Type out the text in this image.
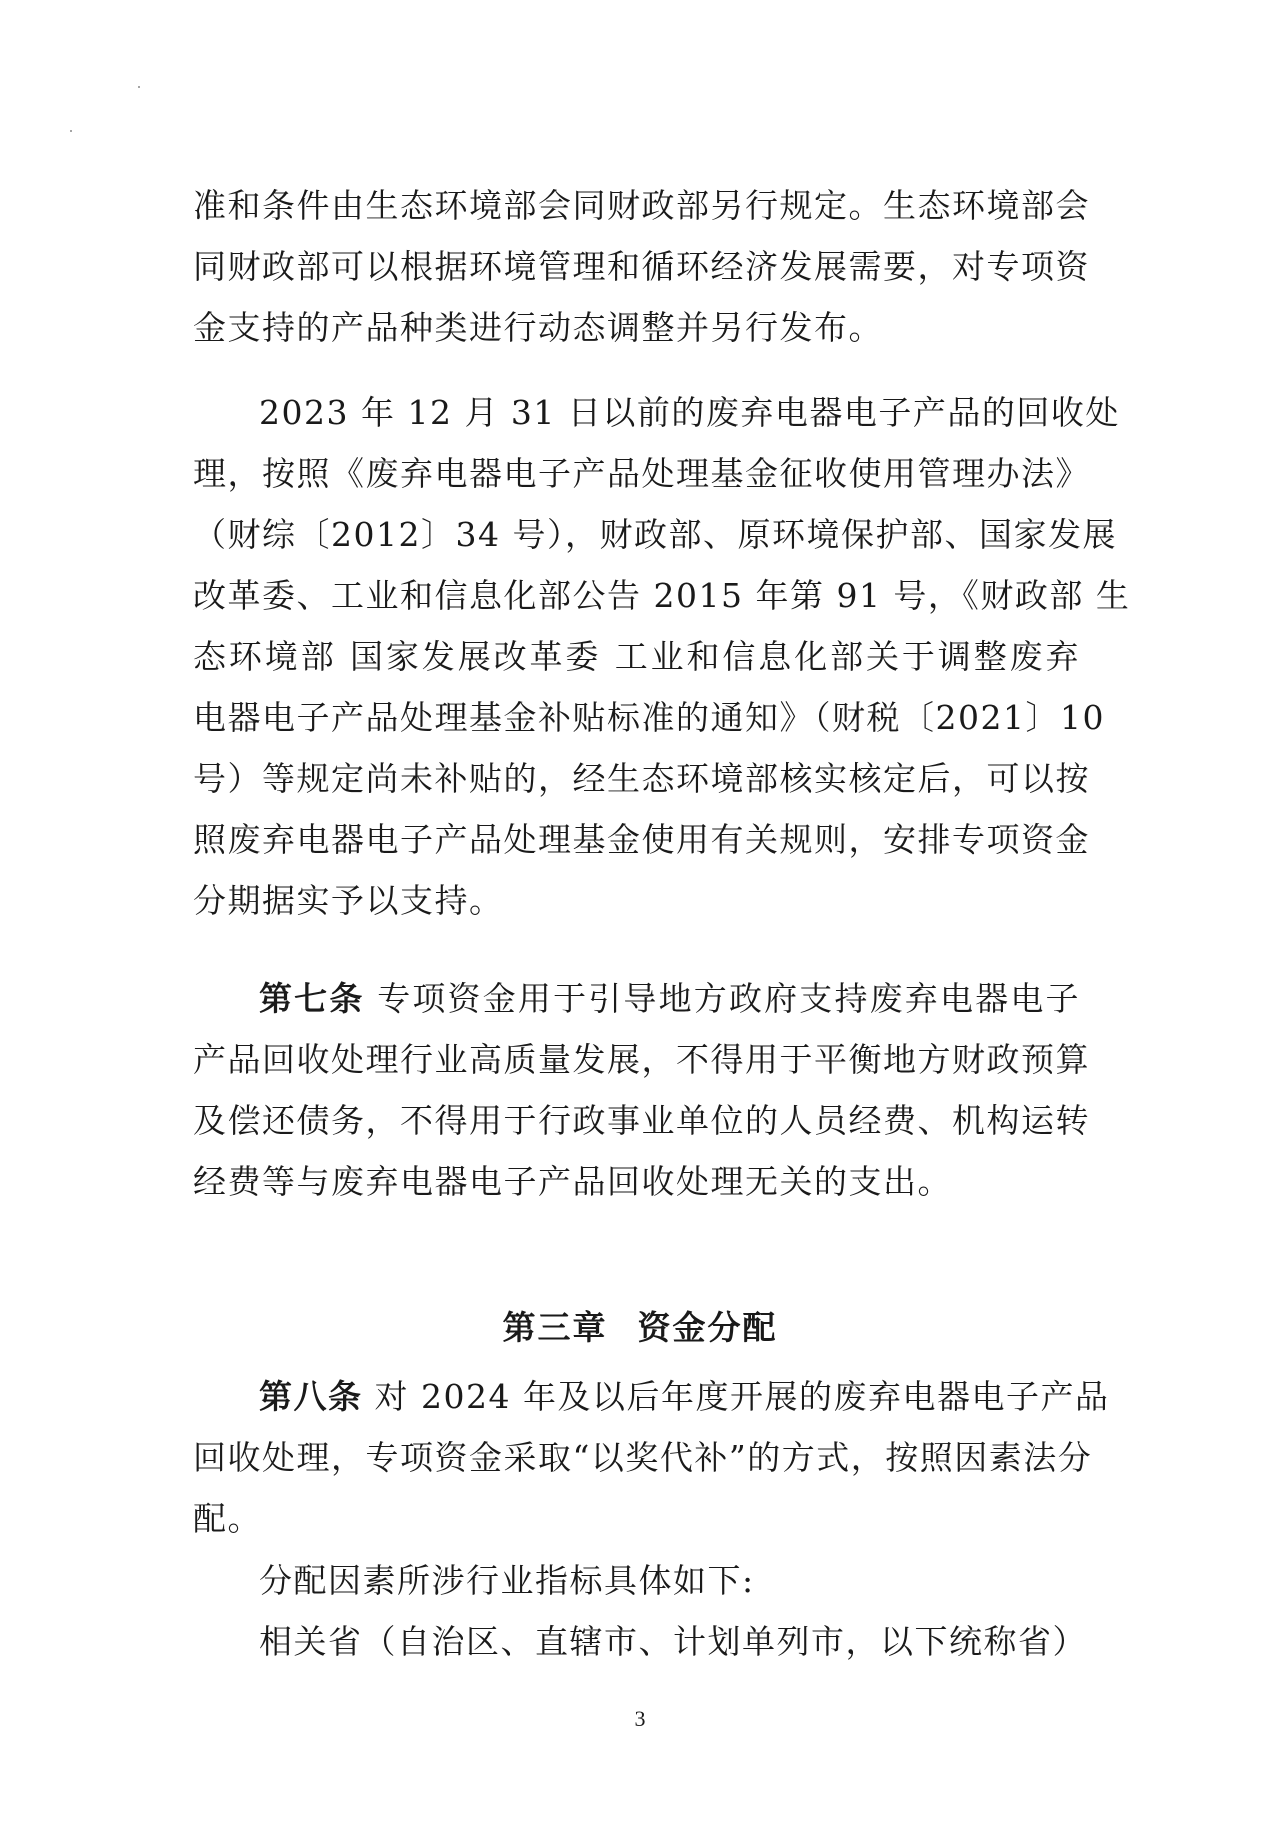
准和条件由生态环境部会同财政部另行规定。生态环境部会
同财政部可以根据环境管理和循环经济发展需要，对专项资
金支持的产品种类进行动态调整并另行发布。
2023 年 12 月 31 日以前的废弃电器电子产品的回收处
理，按照《废弃电器电子产品处理基金征收使用管理办法》
（财综〔2012〕34 号），财政部、原环境保护部、国家发展
改革委、工业和信息化部公告 2015 年第 91 号，《财政部 生
态环境部 国家发展改革委 工业和信息化部关于调整废弃
电器电子产品处理基金补贴标准的通知》（财税〔2021〕10
号）等规定尚未补贴的，经生态环境部核实核定后，可以按
照废弃电器电子产品处理基金使用有关规则，安排专项资金
分期据实予以支持。
第七条 专项资金用于引导地方政府支持废弃电器电子
产品回收处理行业高质量发展，不得用于平衡地方财政预算
及偿还债务，不得用于行政事业单位的人员经费、机构运转
经费等与废弃电器电子产品回收处理无关的支出。
第三章 资金分配
第八条 对 2024 年及以后年度开展的废弃电器电子产品
回收处理，专项资金采取“以奖代补”的方式，按照因素法分
配。
分配因素所涉行业指标具体如下:
相关省（自治区、直辖市、计划单列市，以下统称省）
3
